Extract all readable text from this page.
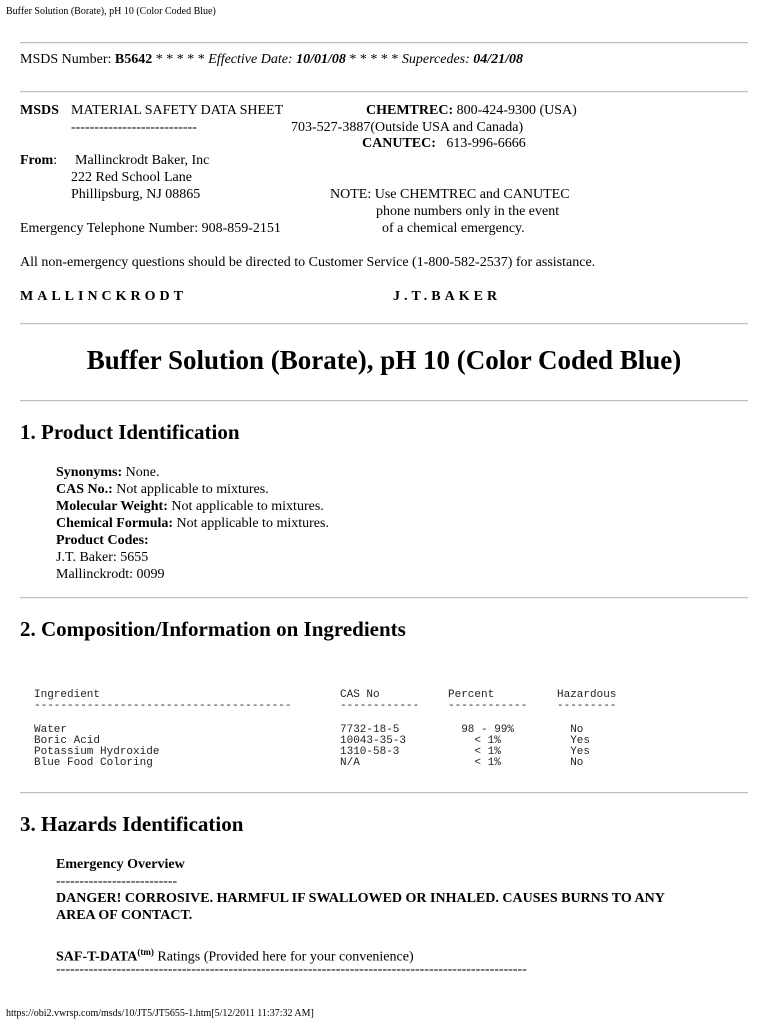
Buffer Solution (Borate), pH 10 (Color Coded Blue)
MSDS Number: B5642 * * * * * Effective Date: 10/01/08 * * * * * Supercedes: 04/21/08
MSDS MATERIAL SAFETY DATA SHEET
---------------------------
CHEMTREC: 800-424-9300 (USA)
703-527-3887(Outside USA and Canada)
CANUTEC: 613-996-6666
From: Mallinckrodt Baker, Inc
222 Red School Lane
Phillipsburg, NJ 08865	NOTE: Use CHEMTREC and CANUTEC
phone numbers only in the event
of a chemical emergency.
Emergency Telephone Number: 908-859-2151
All non-emergency questions should be directed to Customer Service (1-800-582-2537) for assistance.
MALLINCKRODT	J.T.BAKER
Buffer Solution (Borate), pH 10 (Color Coded Blue)
1. Product Identification
Synonyms: None.
CAS No.: Not applicable to mixtures.
Molecular Weight: Not applicable to mixtures.
Chemical Formula: Not applicable to mixtures.
Product Codes:
J.T. Baker: 5655
Mallinckrodt: 0099
2. Composition/Information on Ingredients
Ingredient	CAS No	Percent	Hazardous
---------------------------------------	------------	------------	---------
Water	7732-18-5	98 - 99%	No
Boric Acid	10043-35-3	< 1%	Yes
Potassium Hydroxide	1310-58-3	< 1%	Yes
Blue Food Coloring	N/A	< 1%	No
3. Hazards Identification
Emergency Overview
--------------------------
DANGER! CORROSIVE. HARMFUL IF SWALLOWED OR INHALED. CAUSES BURNS TO ANY
AREA OF CONTACT.
SAF-$T-DATA^{(tm)}$ Ratings (Provided here for your convenience)
-----------------------------------------------------------------------------------------------------
https://obi2.vwrsp.com/msds/10/JT5/JT5655-1.htm[5/12/2011 11:37:32 AM]
